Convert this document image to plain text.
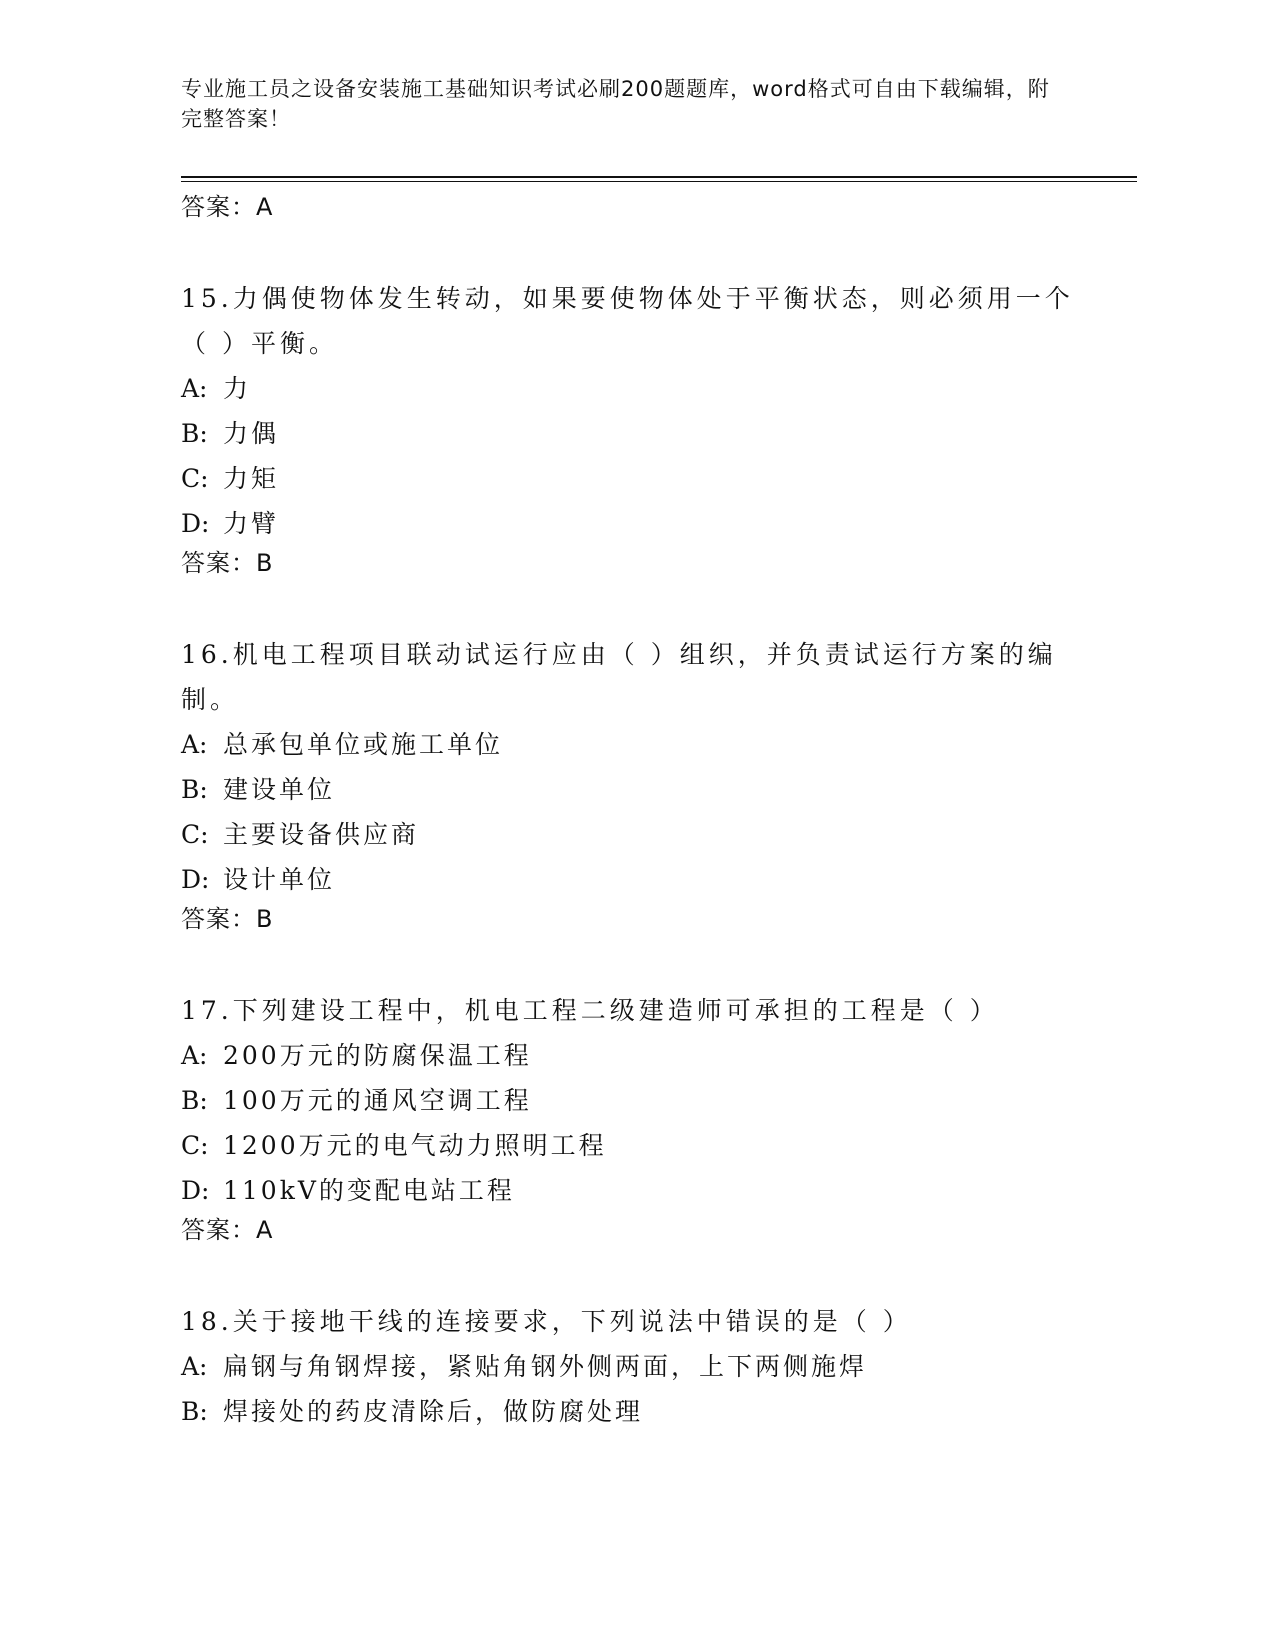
专业施工员之设备安装施工基础知识考试必刷200题题库，word格式可自由下载编辑，附完整答案！
答案：A
15.力偶使物体发生转动，如果要使物体处于平衡状态，则必须用一个（ ）平衡。
A: 力
B: 力偶
C: 力矩
D: 力臂
答案：B
16.机电工程项目联动试运行应由（ ）组织，并负责试运行方案的编制。
A: 总承包单位或施工单位
B: 建设单位
C: 主要设备供应商
D: 设计单位
答案：B
17.下列建设工程中，机电工程二级建造师可承担的工程是（ ）
A: 200万元的防腐保温工程
B: 100万元的通风空调工程
C: 1200万元的电气动力照明工程
D: 110kV的变配电站工程
答案：A
18.关于接地干线的连接要求，下列说法中错误的是（ ）
A: 扁钢与角钢焊接，紧贴角钢外侧两面，上下两侧施焊
B: 焊接处的药皮清除后，做防腐处理
